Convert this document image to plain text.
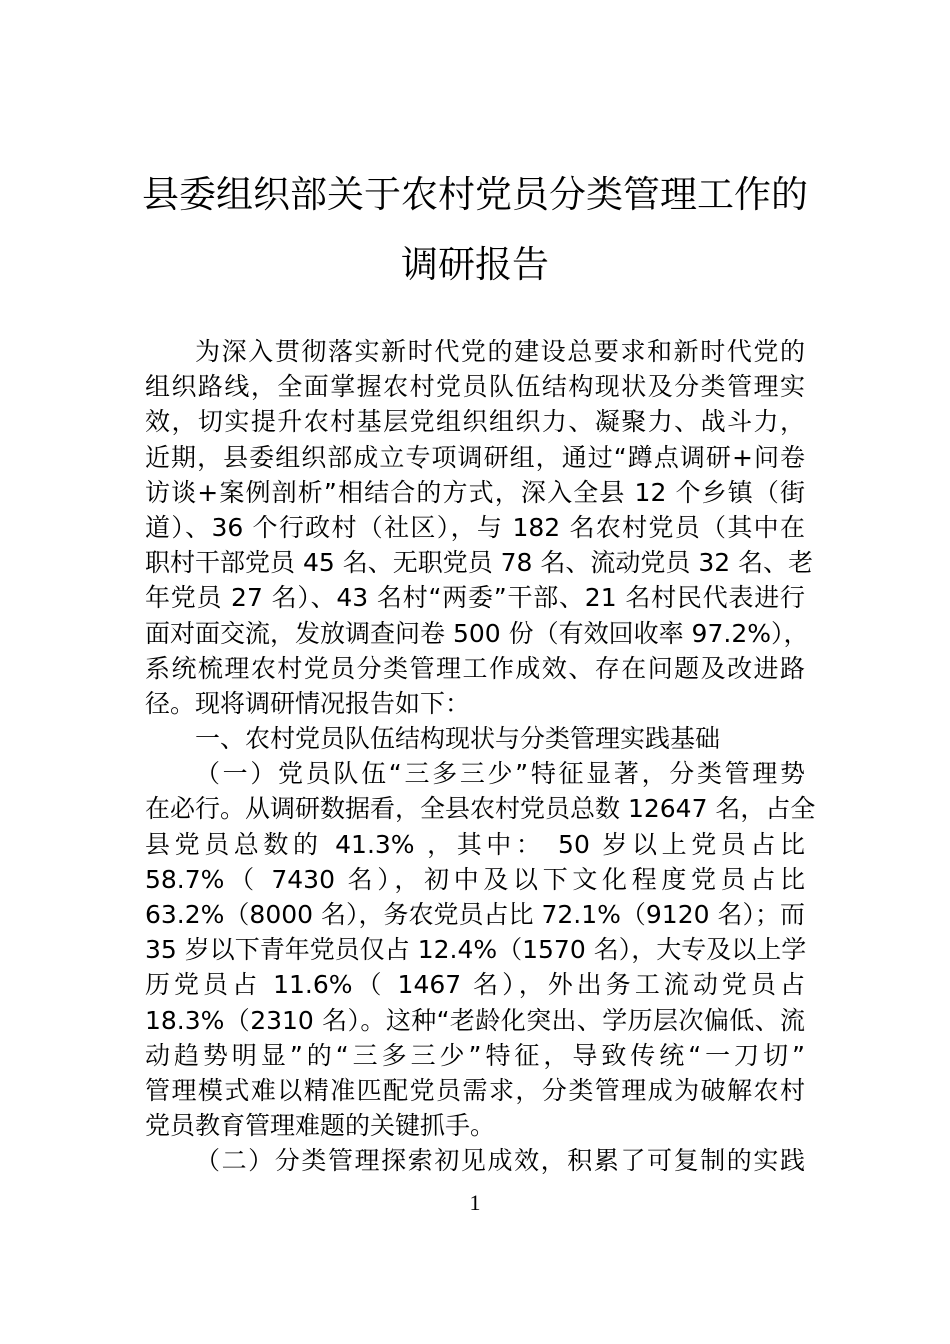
县委组织部关于农村党员分类管理工作的
调研报告
为深入贯彻落实新时代党的建设总要求和新时代党的
组织路线，全面掌握农村党员队伍结构现状及分类管理实
效，切实提升农村基层党组织组织力、凝聚力、战斗力，
近期，县委组织部成立专项调研组，通过“蹲点调研+问卷
访谈+案例剖析”相结合的方式，深入全县 12 个乡镇（街
道）、36 个行政村（社区），与 182 名农村党员（其中在
职村干部党员 45 名、无职党员 78 名、流动党员 32 名、老
年党员 27 名）、43 名村“两委”干部、21 名村民代表进行
面对面交流，发放调查问卷 500 份（有效回收率 97.2%），
系统梳理农村党员分类管理工作成效、存在问题及改进路
径。现将调研情况报告如下：
一、农村党员队伍结构现状与分类管理实践基础
（一）党员队伍“三多三少”特征显著，分类管理势
在必行。从调研数据看，全县农村党员总数 12647 名，占全
县党员总数的 41.3% ，其中： 50 岁以上党员占比
58.7%（ 7430 名），初中及以下文化程度党员占比
63.2%（8000 名），务农党员占比 72.1%（9120 名）；而
35 岁以下青年党员仅占 12.4%（1570 名），大专及以上学
历党员占 11.6%（ 1467 名），外出务工流动党员占
18.3%（2310 名）。这种“老龄化突出、学历层次偏低、流
动趋势明显”的“三多三少”特征，导致传统“一刀切”
管理模式难以精准匹配党员需求，分类管理成为破解农村
党员教育管理难题的关键抓手。
（二）分类管理探索初见成效，积累了可复制的实践
1
